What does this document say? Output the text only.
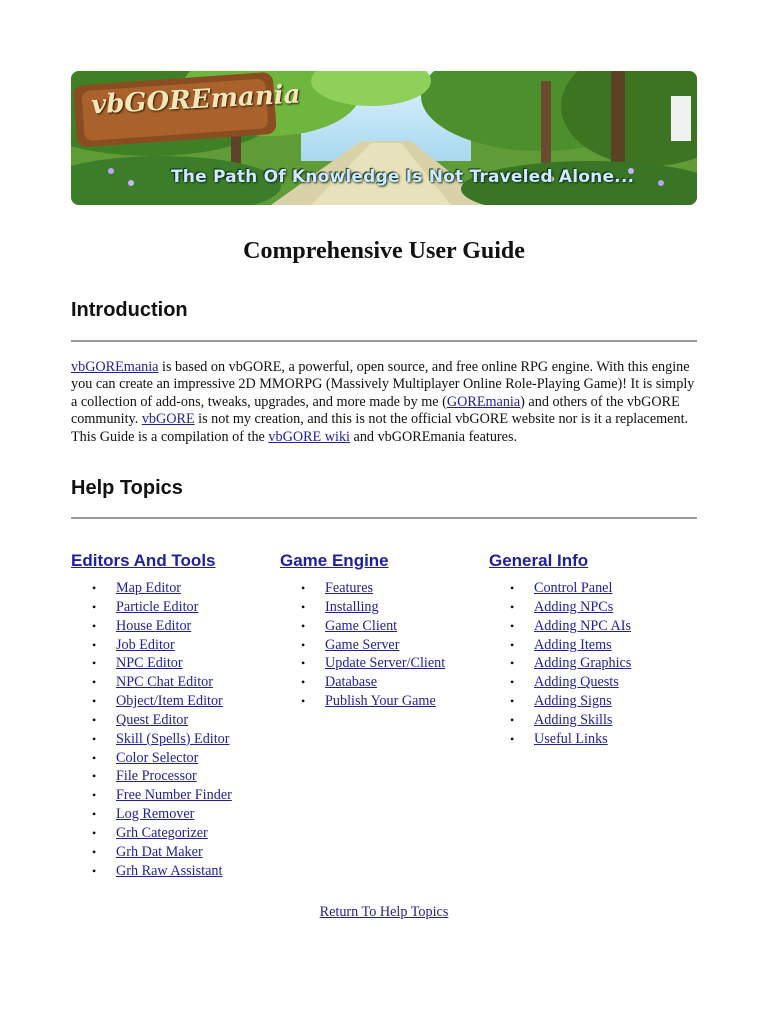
vbGOREmania
The Path Of Knowledge Is Not Traveled Alone...
Comprehensive User Guide
Introduction

vbGOREmania is based on vbGORE, a powerful, open source, and free online RPG engine. With this engine you can create an impressive 2D MMORPG (Massively Multiplayer Online Role-Playing Game)! It is simply a collection of add-ons, tweaks, upgrades, and more made by me (GOREmania) and others of the vbGORE community. vbGORE is not my creation, and this is not the official vbGORE website nor is it a replacement. This Guide is a compilation of the vbGORE wiki and vbGOREmania features.

Help Topics
Editors And Tools
• Map Editor
• Particle Editor
• House Editor
• Job Editor
• NPC Editor
• NPC Chat Editor
• Object/Item Editor
• Quest Editor
• Skill (Spells) Editor
• Color Selector
• File Processor
• Free Number Finder
• Log Remover
• Grh Categorizer
• Grh Dat Maker
• Grh Raw Assistant
Game Engine
• Features
• Installing
• Game Client
• Game Server
• Update Server/Client
• Database
• Publish Your Game
General Info
• Control Panel
• Adding NPCs
• Adding NPC AIs
• Adding Items
• Adding Graphics
• Adding Quests
• Adding Signs
• Adding Skills
• Useful Links
Return To Help Topics
